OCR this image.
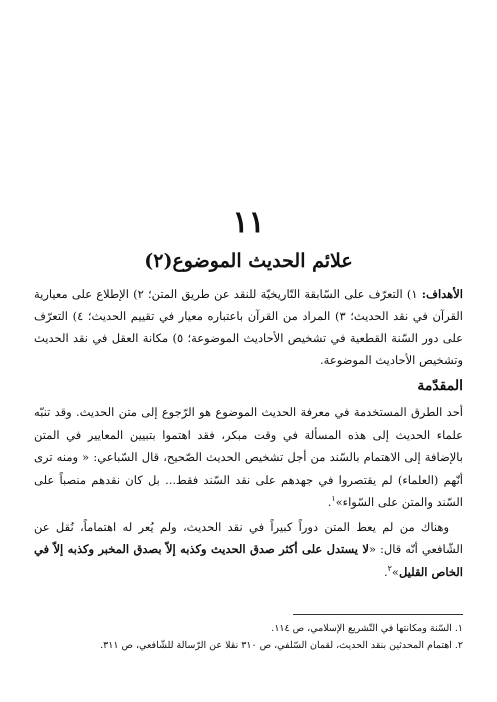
١١
علائم الحديث الموضوع(٢)
الأهداف: ١) التعرّف على السّابقة التّاريخيّة للنقد عن طريق المتن؛ ٢) الإطلاع على معيارية القرآن في نقد الحديث؛ ٣) المراد من القرآن باعتباره معيار في تقييم الحديث؛ ٤) التعرّف على دور السّنة القطعية في تشخيص الأحاديث الموضوعة؛ ٥) مكانة العقل في نقد الحديث وتشخيص الأحاديث الموضوعة.
المقدّمة

أحد الطرق المستخدمة في معرفة الحديث الموضوع هو الرّجوع إلى متن الحديث. وقد تنبّه علماء الحديث إلى هذه المسألة في وقت مبكر، فقد اهتموا بتبيين المعايير في المتن بالإضافة إلى الاهتمام بالسّند من أجل تشخيص الحديث الصّحيح، قال السّباعي: « ومنه ترى أنّهم (العلماء) لم يقتصروا في جهدهم على نقد السّند فقط... بل كان نقدهم منصباً على السّند والمتن على السّواء»$^١$.

وهناك من لم يعط المتن دوراً كبيراً في نقد الحديث، ولم يُعر له اهتماماً، نُقل عن الشّافعي أنّه قال: «لا يستدل على أكثر صدق الحديث وكذبه إلاّ بصدق المخبر وكذبه إلاّ في الخاص القليل»$^٢$.

١. السّنة ومكانتها في التّشريع الإسلامي، ص ١١٤.
٢. اهتمام المحدثين بنقد الحديث، لقمان السّلفي، ص ٣١٠ نقلا عن الرّسالة للشّافعي، ص ٣١١.
